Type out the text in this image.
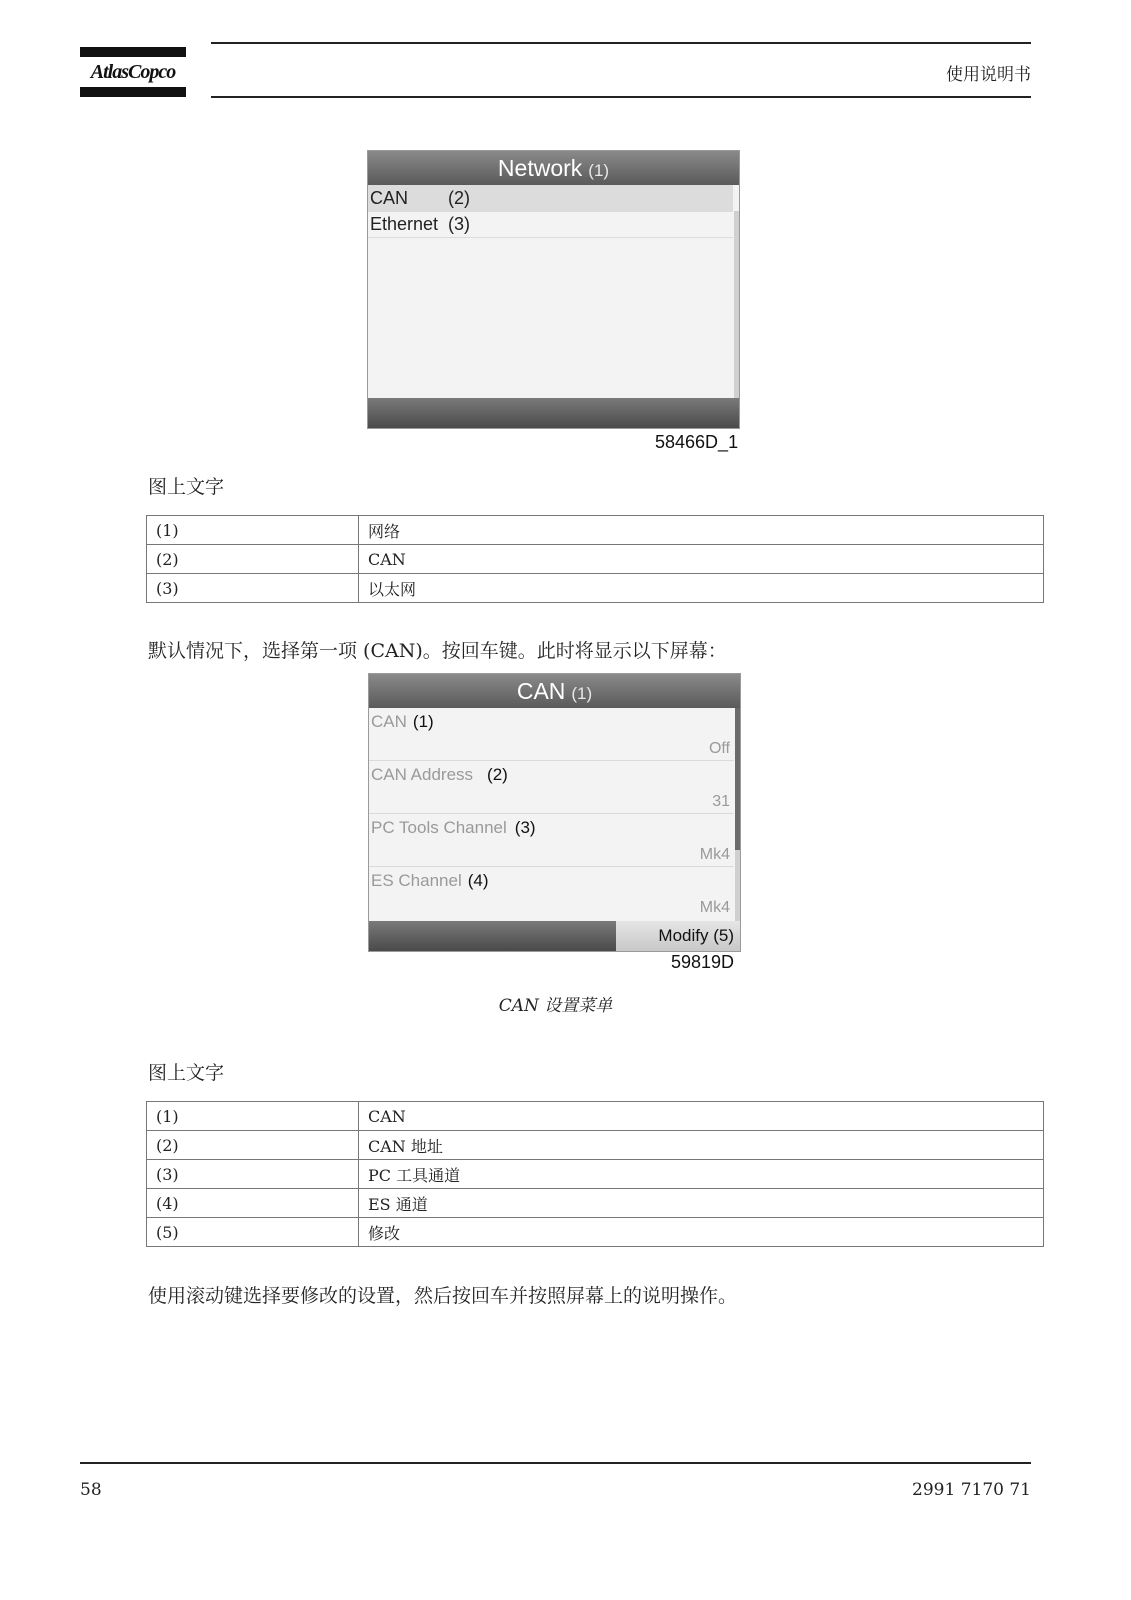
AtlasCopco	使用说明书
Network (1)
CAN (2)
Ethernet (3)
58466D_1
图上文字
(1)	网络
(2)	CAN
(3)	以太网
默认情况下，选择第一项 (CAN)。按回车键。此时将显示以下屏幕：
CAN (1)
CAN (1)
Off
CAN Address (2)
31
PC Tools Channel (3)
Mk4
ES Channel (4)
Mk4
Modify (5)
59819D
CAN 设置菜单
图上文字
(1)	CAN
(2)	CAN 地址
(3)	PC 工具通道
(4)	ES 通道
(5)	修改
使用滚动键选择要修改的设置，然后按回车并按照屏幕上的说明操作。
58	2991 7170 71
